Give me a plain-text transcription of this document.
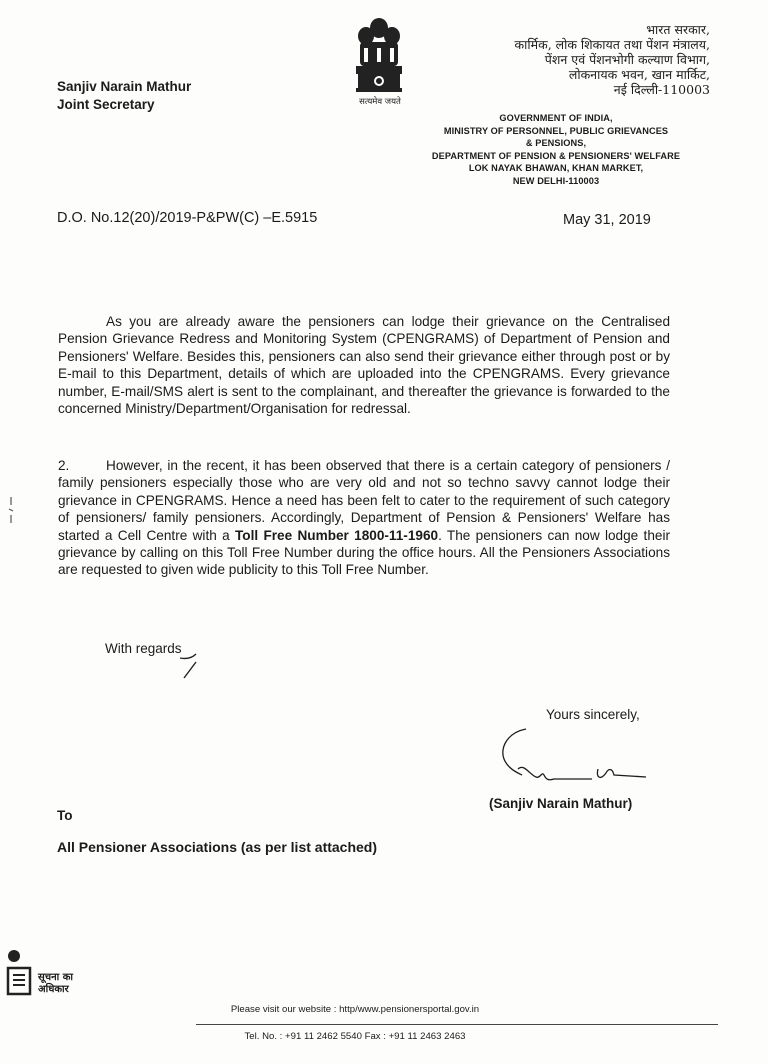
Sanjiv Narain Mathur
Joint Secretary	सत्यमेव जयते
भारत सरकार,
कार्मिक, लोक शिकायत तथा पेंशन मंत्रालय,
पेंशन एवं पेंशनभोगी कल्याण विभाग,
लोकनायक भवन, खान मार्किट,
नई दिल्ली-110003
GOVERNMENT OF INDIA,
MINISTRY OF PERSONNEL, PUBLIC GRIEVANCES
& PENSIONS,
DEPARTMENT OF PENSION & PENSIONERS' WELFARE
LOK NAYAK BHAWAN, KHAN MARKET,
NEW DELHI-110003
D.O. No.12(20)/2019-P&PW(C) –E.5915	May 31, 2019

As you are already aware the pensioners can lodge their grievance on the Centralised Pension Grievance Redress and Monitoring System (CPENGRAMS) of Department of Pension and Pensioners' Welfare. Besides this, pensioners can also send their grievance either through post or by E-mail to this Department, details of which are uploaded into the CPENGRAMS. Every grievance number, E-mail/SMS alert is sent to the complainant, and thereafter the grievance is forwarded to the concerned Ministry/Department/Organisation for redressal.

2.	However, in the recent, it has been observed that there is a certain category of pensioners / family pensioners especially those who are very old and not so techno savvy cannot lodge their grievance in CPENGRAMS. Hence a need has been felt to cater to the requirement of such category of pensioners/ family pensioners. Accordingly, Department of Pension & Pensioners' Welfare has started a Cell Centre with a Toll Free Number 1800-11-1960. The pensioners can now lodge their grievance by calling on this Toll Free Number during the office hours. All the Pensioners Associations are requested to given wide publicity to this Toll Free Number.

With regards
Yours sincerely,
(Sanjiv Narain Mathur)
To
All Pensioner Associations (as per list attached)
सूचना का
अधिकार
Please visit our website : http/www.pensionersportal.gov.in
Tel. No. : +91 11 2462 5540 Fax : +91 11 2463 2463
